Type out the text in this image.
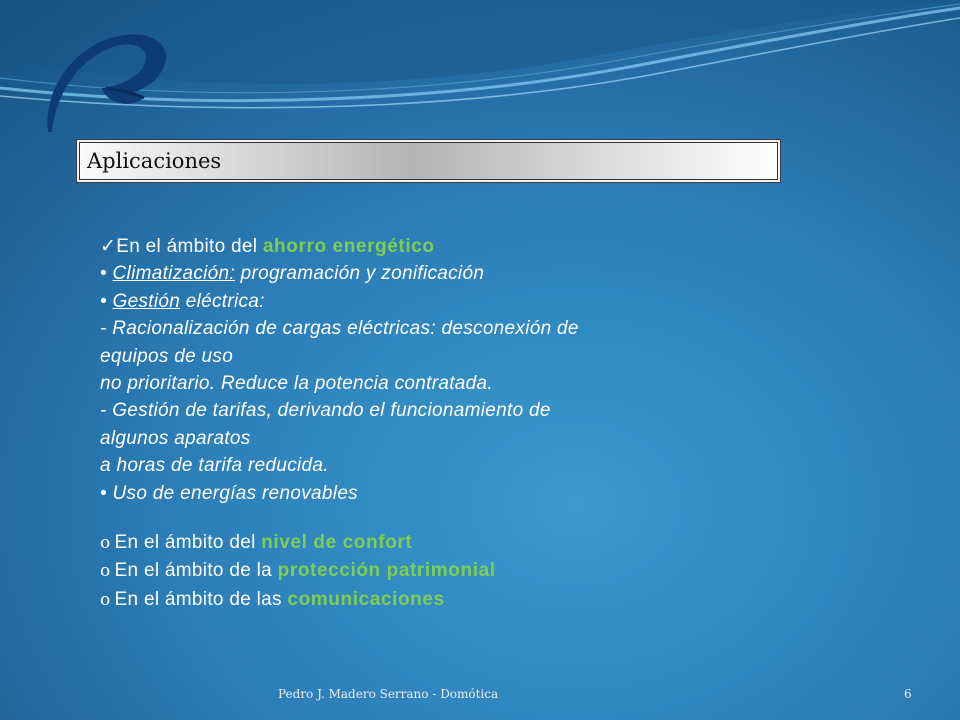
Aplicaciones
✓En el ámbito del ahorro energético
• Climatización: programación y zonificación
• Gestión eléctrica:
- Racionalización de cargas eléctricas: desconexión de
equipos de uso
no prioritario. Reduce la potencia contratada.
- Gestión de tarifas, derivando el funcionamiento de
algunos aparatos
a horas de tarifa reducida.
• Uso de energías renovables
o En el ámbito del nivel de confort
o En el ámbito de la protección patrimonial
o En el ámbito de las comunicaciones
Pedro J. Madero Serrano - Domótica	6
